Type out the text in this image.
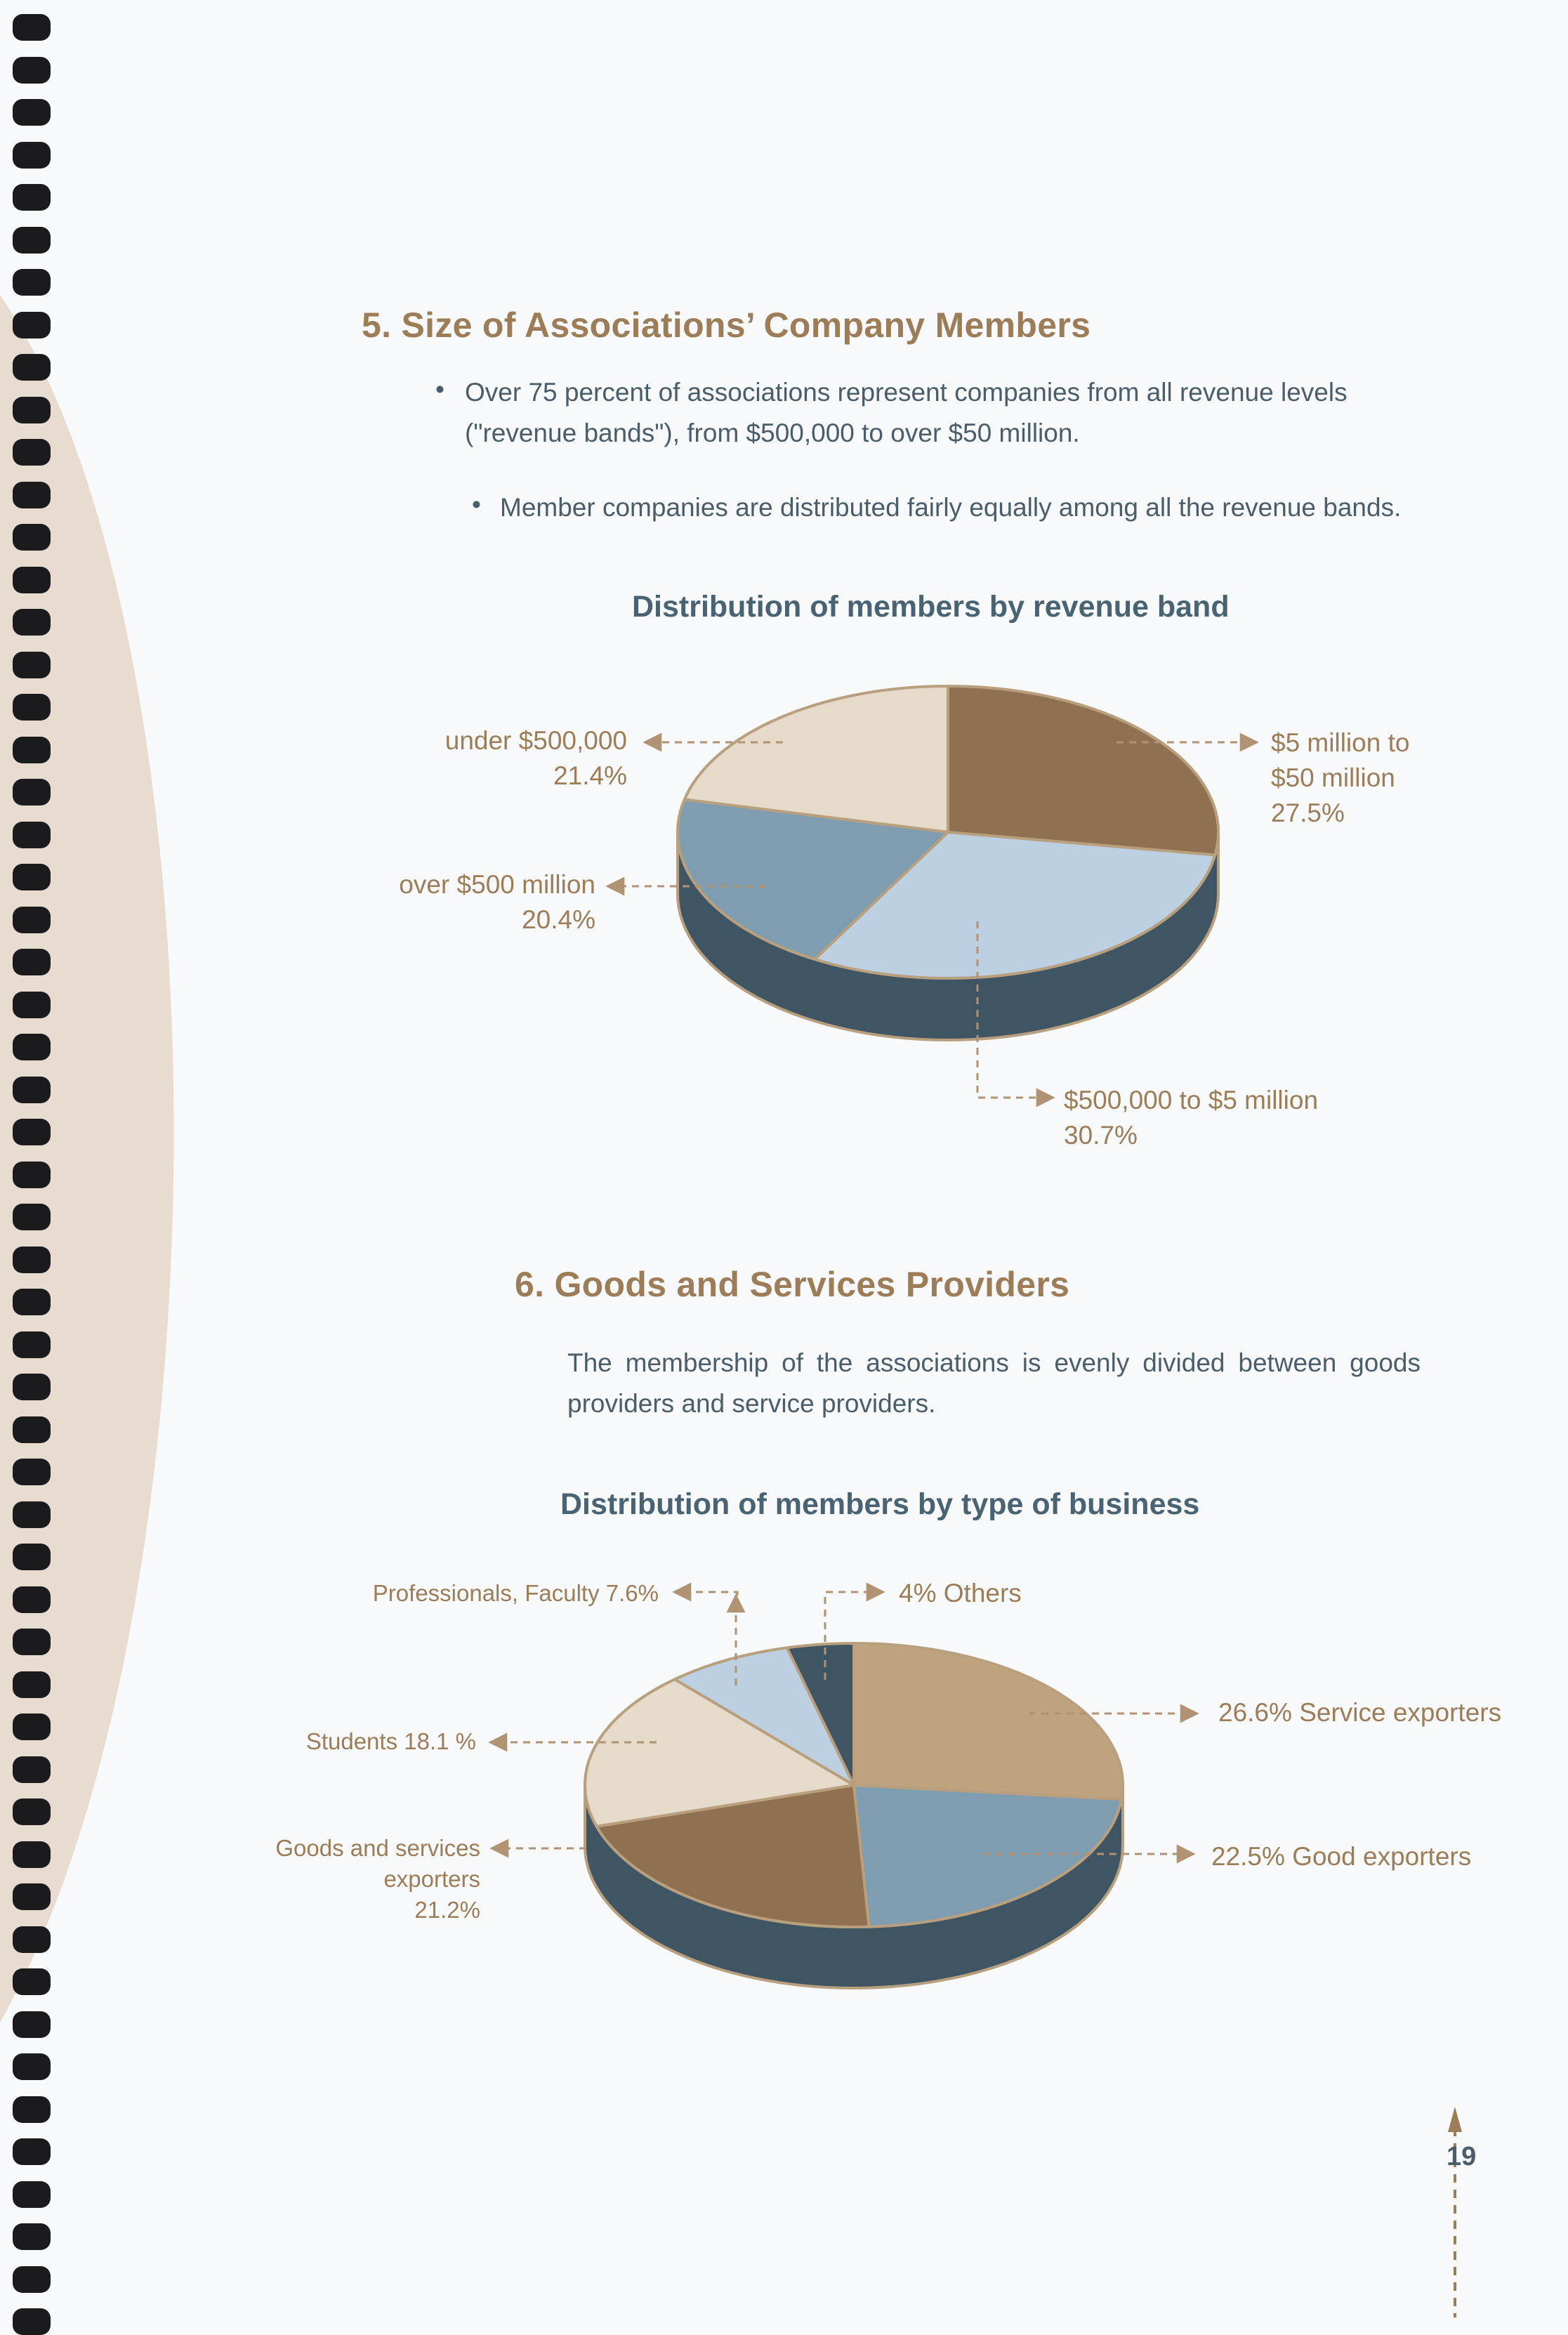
5. Size of Associations’ Company Members
• Over 75 percent of associations represent companies from all revenue levels ("revenue bands"), from $500,000 to over $50 million.

• Member companies are distributed fairly equally among all the revenue bands.

Distribution of members by revenue band
under $500,000
21.4%
over $500 million
20.4%
$5 million to $50 million
27.5%
$500,000 to $5 million
30.7%
6. Goods and Services Providers

The membership of the associations is evenly divided between goods providers and service providers.

Distribution of members by type of business
Professionals, Faculty 7.6%	4% Others
Students 18.1 %
Goods and services exporters
21.2%
26.6% Service exporters
22.5% Good exporters
19
